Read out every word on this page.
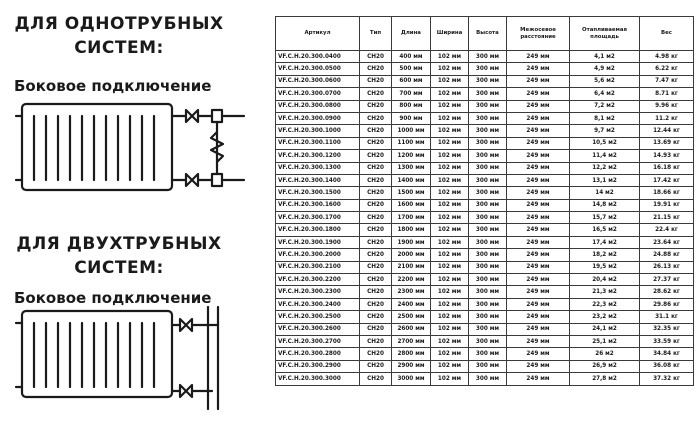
ДЛЯ ОДНОТРУБНЫХ СИСТЕМ:
Боковое подключение
ДЛЯ ДВУХТРУБНЫХ СИСТЕМ:
Боковое подключение
Артикул	Тип	Длина	Ширина	Высота	Межосевое расстояние	Отапливаемая площадь	Вес
VF.C.H.20.300.0400	CH20	400 мм	102 мм	300 мм	249 мм	4,1 м2	4.98 кг
VF.C.H.20.300.0500	CH20	500 мм	102 мм	300 мм	249 мм	4,9 м2	6.22 кг
VF.C.H.20.300.0600	CH20	600 мм	102 мм	300 мм	249 мм	5,6 м2	7.47 кг
VF.C.H.20.300.0700	CH20	700 мм	102 мм	300 мм	249 мм	6,4 м2	8.71 кг
VF.C.H.20.300.0800	CH20	800 мм	102 мм	300 мм	249 мм	7,2 м2	9.96 кг
VF.C.H.20.300.0900	CH20	900 мм	102 мм	300 мм	249 мм	8,1 м2	11.2 кг
VF.C.H.20.300.1000	CH20	1000 мм	102 мм	300 мм	249 мм	9,7 м2	12.44 кг
VF.C.H.20.300.1100	CH20	1100 мм	102 мм	300 мм	249 мм	10,5 м2	13.69 кг
VF.C.H.20.300.1200	CH20	1200 мм	102 мм	300 мм	249 мм	11,4 м2	14.93 кг
VF.C.H.20.300.1300	CH20	1300 мм	102 мм	300 мм	249 мм	12,2 м2	16.18 кг
VF.C.H.20.300.1400	CH20	1400 мм	102 мм	300 мм	249 мм	13,1 м2	17.42 кг
VF.C.H.20.300.1500	CH20	1500 мм	102 мм	300 мм	249 мм	14 м2	18.66 кг
VF.C.H.20.300.1600	CH20	1600 мм	102 мм	300 мм	249 мм	14,8 м2	19.91 кг
VF.C.H.20.300.1700	CH20	1700 мм	102 мм	300 мм	249 мм	15,7 м2	21.15 кг
VF.C.H.20.300.1800	CH20	1800 мм	102 мм	300 мм	249 мм	16,5 м2	22.4 кг
VF.C.H.20.300.1900	CH20	1900 мм	102 мм	300 мм	249 мм	17,4 м2	23.64 кг
VF.C.H.20.300.2000	CH20	2000 мм	102 мм	300 мм	249 мм	18,2 м2	24.88 кг
VF.C.H.20.300.2100	CH20	2100 мм	102 мм	300 мм	249 мм	19,5 м2	26.13 кг
VF.C.H.20.300.2200	CH20	2200 мм	102 мм	300 мм	249 мм	20,4 м2	27.37 кг
VF.C.H.20.300.2300	CH20	2300 мм	102 мм	300 мм	249 мм	21,3 м2	28.62 кг
VF.C.H.20.300.2400	CH20	2400 мм	102 мм	300 мм	249 мм	22,3 м2	29.86 кг
VF.C.H.20.300.2500	CH20	2500 мм	102 мм	300 мм	249 мм	23,2 м2	31.1 кг
VF.C.H.20.300.2600	CH20	2600 мм	102 мм	300 мм	249 мм	24,1 м2	32.35 кг
VF.C.H.20.300.2700	CH20	2700 мм	102 мм	300 мм	249 мм	25,1 м2	33.59 кг
VF.C.H.20.300.2800	CH20	2800 мм	102 мм	300 мм	249 мм	26 м2	34.84 кг
VF.C.H.20.300.2900	CH20	2900 мм	102 мм	300 мм	249 мм	26,9 м2	36.08 кг
VF.C.H.20.300.3000	CH20	3000 мм	102 мм	300 мм	249 мм	27,8 м2	37.32 кг
